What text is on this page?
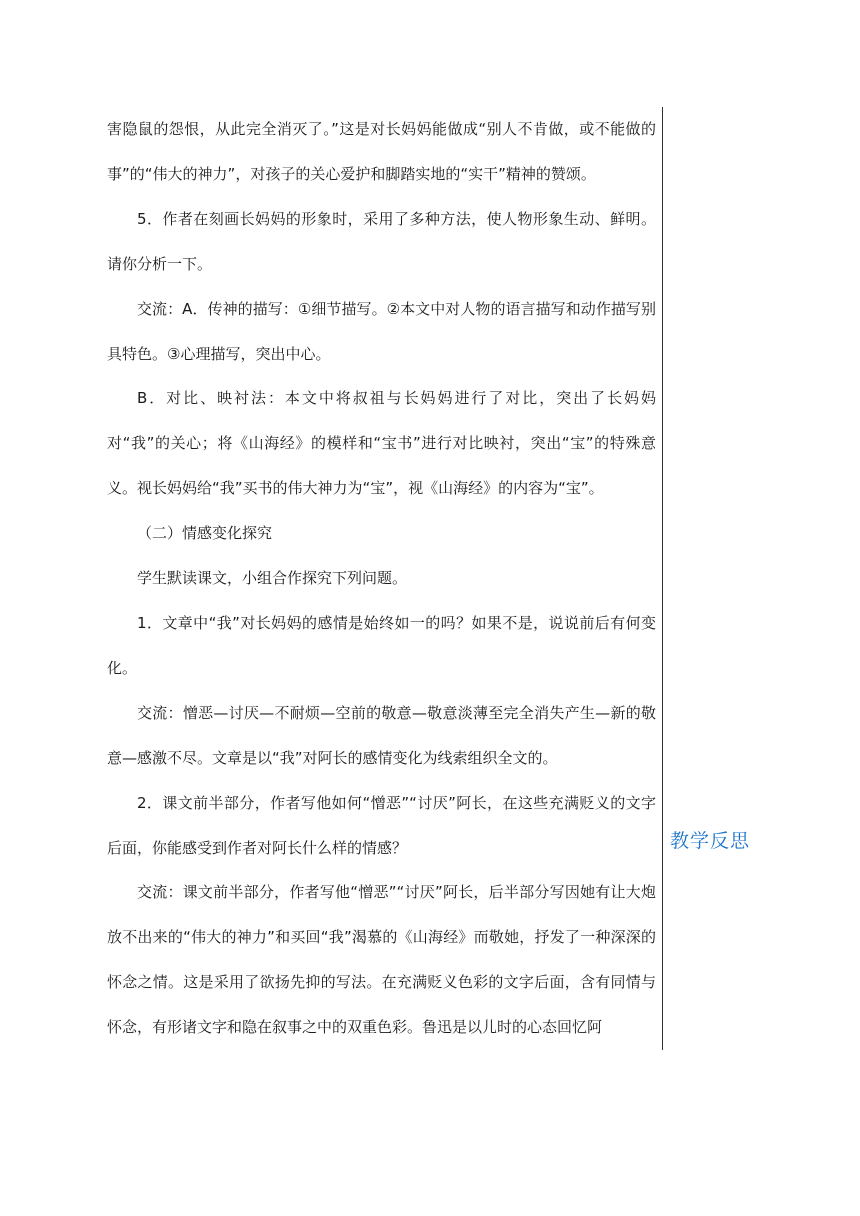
害隐鼠的怨恨，从此完全消灭了。”这是对长妈妈能做成“别人不肯做，或不能做的事”的“伟大的神力”，对孩子的关心爱护和脚踏实地的“实干”精神的赞颂。

5．作者在刻画长妈妈的形象时，采用了多种方法，使人物形象生动、鲜明。请你分析一下。

交流：A．传神的描写：①细节描写。②本文中对人物的语言描写和动作描写别具特色。③心理描写，突出中心。

B．对比、映衬法：本文中将叔祖与长妈妈进行了对比，突出了长妈妈对“我”的关心；将《山海经》的模样和“宝书”进行对比映衬，突出“宝”的特殊意义。视长妈妈给“我”买书的伟大神力为“宝”，视《山海经》的内容为“宝”。

（二）情感变化探究

学生默读课文，小组合作探究下列问题。

1．文章中“我”对长妈妈的感情是始终如一的吗？如果不是，说说前后有何变化。

交流：憎恶—讨厌—不耐烦—空前的敬意—敬意淡薄至完全消失产生—新的敬意—感激不尽。文章是以“我”对阿长的感情变化为线索组织全文的。

2．课文前半部分，作者写他如何“憎恶”“讨厌”阿长，在这些充满贬义的文字后面，你能感受到作者对阿长什么样的情感？

交流：课文前半部分，作者写他“憎恶”“讨厌”阿长，后半部分写因她有让大炮放不出来的“伟大的神力”和买回“我”渴慕的《山海经》而敬她，抒发了一种深深的怀念之情。这是采用了欲扬先抑的写法。在充满贬义色彩的文字后面，含有同情与怀念，有形诸文字和隐在叙事之中的双重色彩。鲁迅是以儿时的心态回忆阿

教学反思
